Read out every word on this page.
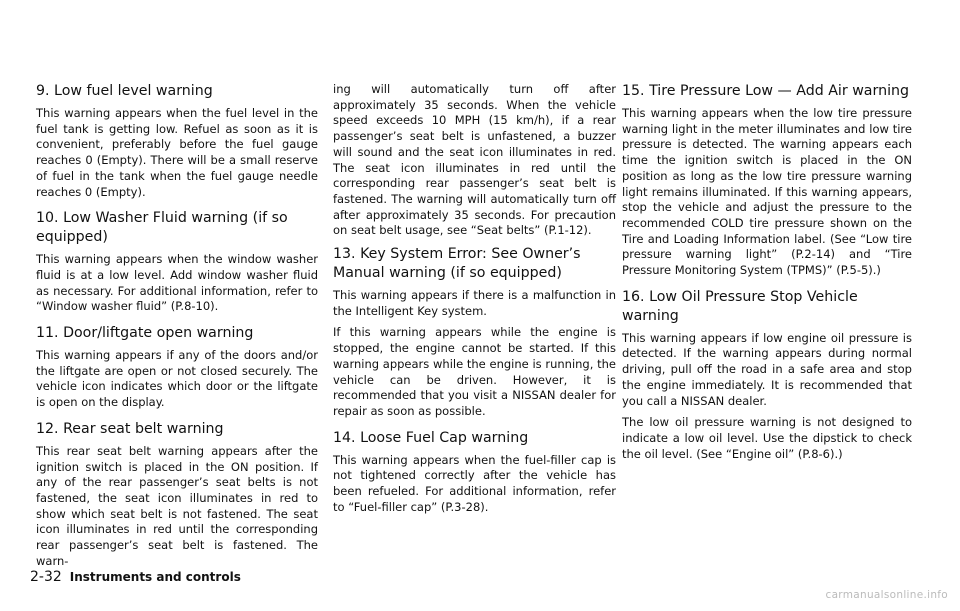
9. Low fuel level warning

This warning appears when the fuel level in the fuel tank is getting low. Refuel as soon as it is convenient, preferably before the fuel gauge reaches 0 (Empty). There will be a small reserve of fuel in the tank when the fuel gauge needle reaches 0 (Empty).

10. Low Washer Fluid warning (if so equipped)

This warning appears when the window washer fluid is at a low level. Add window washer fluid as necessary. For additional information, refer to “Window washer fluid” (P.8-10).

11. Door/liftgate open warning

This warning appears if any of the doors and/or the liftgate are open or not closed securely. The vehicle icon indicates which door or the liftgate is open on the display.

12. Rear seat belt warning

This rear seat belt warning appears after the ignition switch is placed in the ON position. If any of the rear passenger’s seat belts is not fastened, the seat icon illuminates in red to show which seat belt is not fastened. The seat icon illuminates in red until the corresponding rear passenger’s seat belt is fastened. The warn-

ing will automatically turn off after approximately 35 seconds. When the vehicle speed exceeds 10 MPH (15 km/h), if a rear passenger’s seat belt is unfastened, a buzzer will sound and the seat icon illuminates in red. The seat icon illuminates in red until the corresponding rear passenger’s seat belt is fastened. The warning will automatically turn off after approximately 35 seconds. For precaution on seat belt usage, see “Seat belts” (P.1-12).

13. Key System Error: See Owner’s Manual warning (if so equipped)

This warning appears if there is a malfunction in the Intelligent Key system.

If this warning appears while the engine is stopped, the engine cannot be started. If this warning appears while the engine is running, the vehicle can be driven. However, it is recommended that you visit a NISSAN dealer for repair as soon as possible.

14. Loose Fuel Cap warning

This warning appears when the fuel-filler cap is not tightened correctly after the vehicle has been refueled. For additional information, refer to “Fuel-filler cap” (P.3-28).

15. Tire Pressure Low — Add Air warning

This warning appears when the low tire pressure warning light in the meter illuminates and low tire pressure is detected. The warning appears each time the ignition switch is placed in the ON position as long as the low tire pressure warning light remains illuminated. If this warning appears, stop the vehicle and adjust the pressure to the recommended COLD tire pressure shown on the Tire and Loading Information label. (See “Low tire pressure warning light” (P.2-14) and “Tire Pressure Monitoring System (TPMS)” (P.5-5).)

16. Low Oil Pressure Stop Vehicle warning

This warning appears if low engine oil pressure is detected. If the warning appears during normal driving, pull off the road in a safe area and stop the engine immediately. It is recommended that you call a NISSAN dealer.

The low oil pressure warning is not designed to indicate a low oil level. Use the dipstick to check the oil level. (See “Engine oil” (P.8-6).)

2-32 Instruments and controls
carmanualsonline.info
